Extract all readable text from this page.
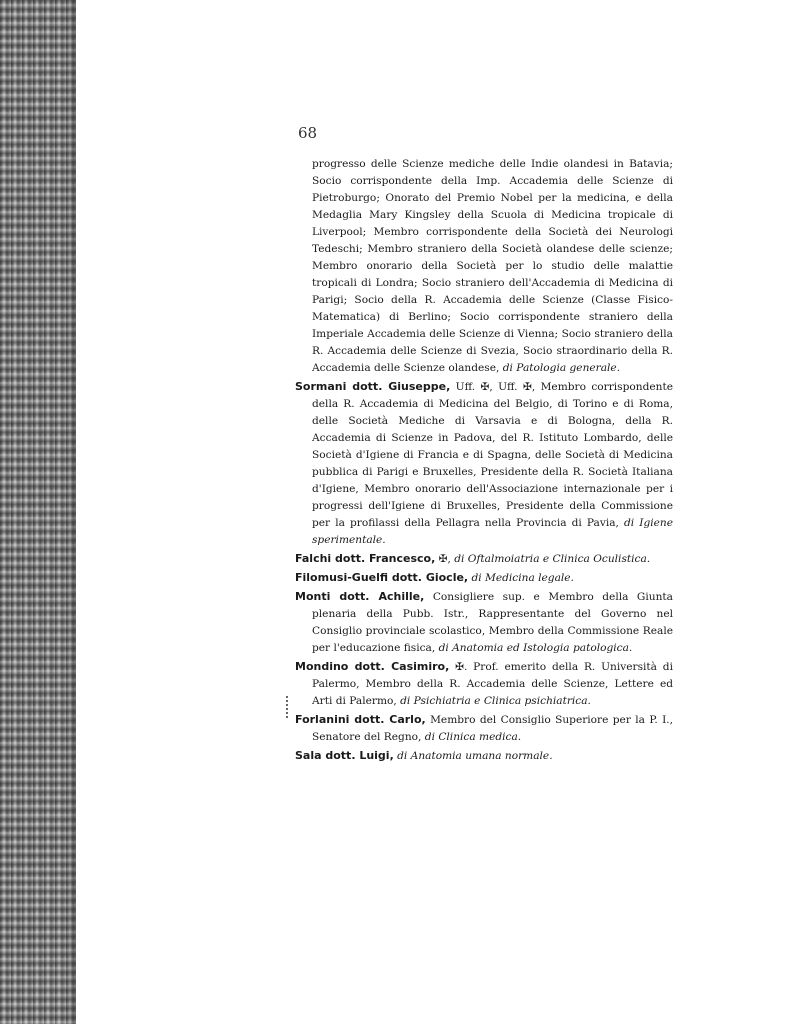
68

progresso delle Scienze mediche delle Indie olandesi in Batavia; Socio corrispondente della Imp. Accademia delle Scienze di Pietroburgo; Onorato del Premio Nobel per la medicina, e della Medaglia Mary Kingsley della Scuola di Medicina tropicale di Liverpool; Membro corrispondente della Società dei Neurologi Tedeschi; Membro straniero della Società olandese delle scienze; Membro onorario della Società per lo studio delle malattie tropicali di Londra; Socio straniero dell'Accademia di Medicina di Parigi; Socio della R. Accademia delle Scienze (Classe Fisico-Matematica) di Berlino; Socio corrispondente straniero della Imperiale Accademia delle Scienze di Vienna; Socio straniero della R. Accademia delle Scienze di Svezia, Socio straordinario della R. Accademia delle Scienze olandese, di Patologia generale.

Sormani dott. Giuseppe, Uff. ✠, Uff. ✠, Membro corrispondente della R. Accademia di Medicina del Belgio, di Torino e di Roma, delle Società Mediche di Varsavia e di Bologna, della R. Accademia di Scienze in Padova, del R. Istituto Lombardo, delle Società d'Igiene di Francia e di Spagna, delle Società di Medicina pubblica di Parigi e Bruxelles, Presidente della R. Società Italiana d'Igiene, Membro onorario dell'Associazione internazionale per i progressi dell'Igiene di Bruxelles, Presidente della Commissione per la profilassi della Pellagra nella Provincia di Pavia, di Igiene sperimentale.

Falchi dott. Francesco, ✠, di Oftalmoiatria e Clinica Oculistica.

Filomusi-Guelfi dott. Giocle, di Medicina legale.

Monti dott. Achille, Consigliere sup. e Membro della Giunta plenaria della Pubb. Istr., Rappresentante del Governo nel Consiglio provinciale scolastico, Membro della Commissione Reale per l'educazione fisica, di Anatomia ed Istologia patologica.

Mondino dott. Casimiro, ✠. Prof. emerito della R. Università di Palermo, Membro della R. Accademia delle Scienze, Lettere ed Arti di Palermo, di Psichiatria e Clinica psichiatrica.

Forlanini dott. Carlo, Membro del Consiglio Superiore per la P. I., Senatore del Regno, di Clinica medica.

Sala dott. Luigi, di Anatomia umana normale.
